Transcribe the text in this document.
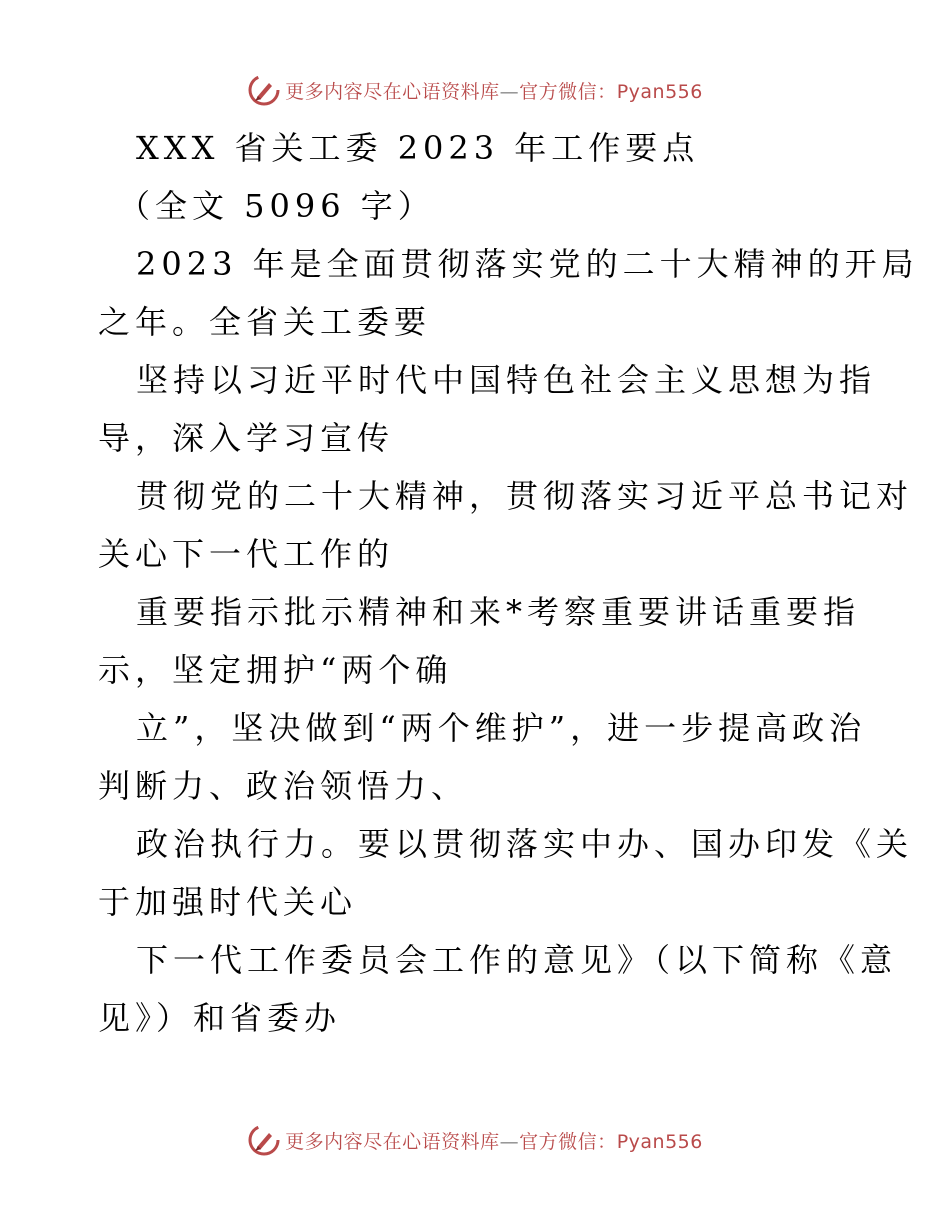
更多内容尽在心语资料库—官方微信：Pyan556
XXX 省关工委 2023 年工作要点
（全文 5096 字）
2023 年是全面贯彻落实党的二十大精神的开局
之年。全省关工委要
坚持以习近平时代中国特色社会主义思想为指
导，深入学习宣传
贯彻党的二十大精神，贯彻落实习近平总书记对
关心下一代工作的
重要指示批示精神和来*考察重要讲话重要指
示，坚定拥护“两个确
立”，坚决做到“两个维护”，进一步提高政治
判断力、政治领悟力、
政治执行力。要以贯彻落实中办、国办印发《关
于加强时代关心
下一代工作委员会工作的意见》（以下简称《意
见》）和省委办
更多内容尽在心语资料库—官方微信：Pyan556
